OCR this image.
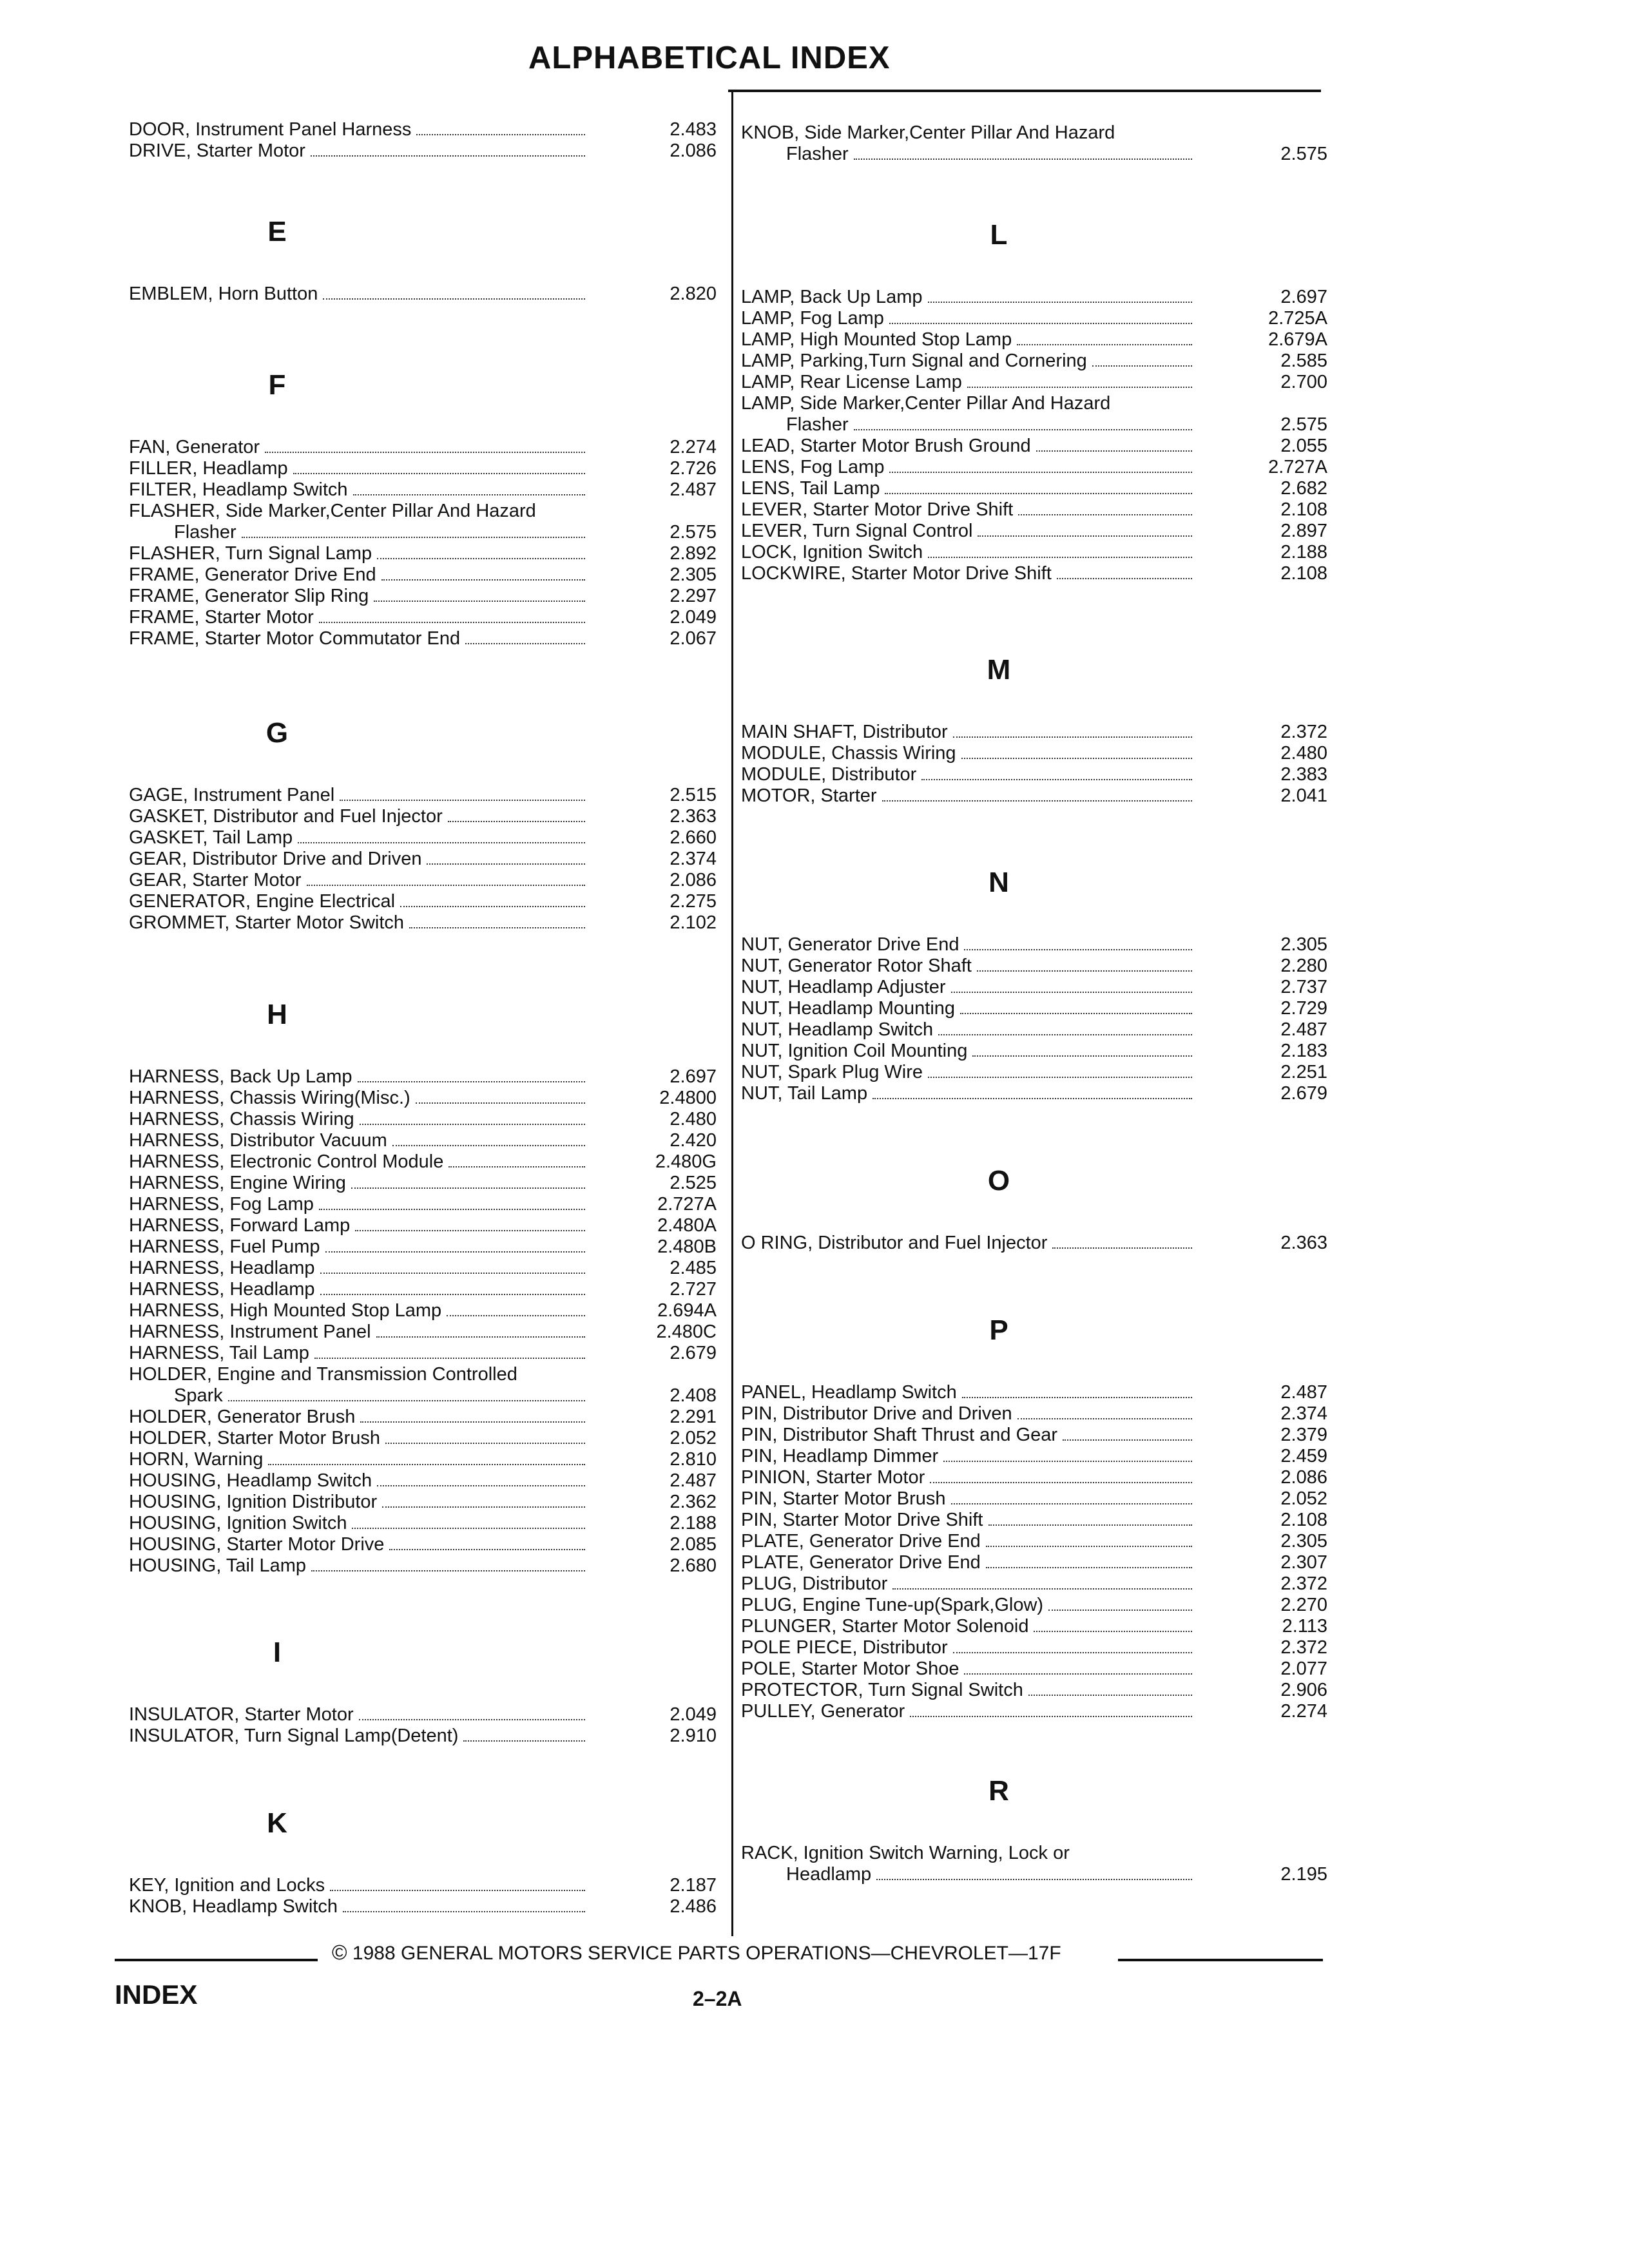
ALPHABETICAL INDEX
DOOR, Instrument Panel Harness	2.483
DRIVE, Starter Motor	2.086
E
EMBLEM, Horn Button	2.820
F
FAN, Generator	2.274
FILLER, Headlamp	2.726
FILTER, Headlamp Switch	2.487
FLASHER, Side Marker,Center Pillar And Hazard
Flasher	2.575
FLASHER, Turn Signal Lamp	2.892
FRAME, Generator Drive End	2.305
FRAME, Generator Slip Ring	2.297
FRAME, Starter Motor	2.049
FRAME, Starter Motor Commutator End	2.067
G
GAGE, Instrument Panel	2.515
GASKET, Distributor and Fuel Injector	2.363
GASKET, Tail Lamp	2.660
GEAR, Distributor Drive and Driven	2.374
GEAR, Starter Motor	2.086
GENERATOR, Engine Electrical	2.275
GROMMET, Starter Motor Switch	2.102
H
HARNESS, Back Up Lamp	2.697
HARNESS, Chassis Wiring(Misc.)	2.4800
HARNESS, Chassis Wiring	2.480
HARNESS, Distributor Vacuum	2.420
HARNESS, Electronic Control Module	2.480G
HARNESS, Engine Wiring	2.525
HARNESS, Fog Lamp	2.727A
HARNESS, Forward Lamp	2.480A
HARNESS, Fuel Pump	2.480B
HARNESS, Headlamp	2.485
HARNESS, Headlamp	2.727
HARNESS, High Mounted Stop Lamp	2.694A
HARNESS, Instrument Panel	2.480C
HARNESS, Tail Lamp	2.679
HOLDER, Engine and Transmission Controlled
Spark	2.408
HOLDER, Generator Brush	2.291
HOLDER, Starter Motor Brush	2.052
HORN, Warning	2.810
HOUSING, Headlamp Switch	2.487
HOUSING, Ignition Distributor	2.362
HOUSING, Ignition Switch	2.188
HOUSING, Starter Motor Drive	2.085
HOUSING, Tail Lamp	2.680
I
INSULATOR, Starter Motor	2.049
INSULATOR, Turn Signal Lamp(Detent)	2.910
K
KEY, Ignition and Locks	2.187
KNOB, Headlamp Switch	2.486
KNOB, Side Marker,Center Pillar And Hazard
Flasher	2.575
L
LAMP, Back Up Lamp	2.697
LAMP, Fog Lamp	2.725A
LAMP, High Mounted Stop Lamp	2.679A
LAMP, Parking,Turn Signal and Cornering	2.585
LAMP, Rear License Lamp	2.700
LAMP, Side Marker,Center Pillar And Hazard
Flasher	2.575
LEAD, Starter Motor Brush Ground	2.055
LENS, Fog Lamp	2.727A
LENS, Tail Lamp	2.682
LEVER, Starter Motor Drive Shift	2.108
LEVER, Turn Signal Control	2.897
LOCK, Ignition Switch	2.188
LOCKWIRE, Starter Motor Drive Shift	2.108
M
MAIN SHAFT, Distributor	2.372
MODULE, Chassis Wiring	2.480
MODULE, Distributor	2.383
MOTOR, Starter	2.041
N
NUT, Generator Drive End	2.305
NUT, Generator Rotor Shaft	2.280
NUT, Headlamp Adjuster	2.737
NUT, Headlamp Mounting	2.729
NUT, Headlamp Switch	2.487
NUT, Ignition Coil Mounting	2.183
NUT, Spark Plug Wire	2.251
NUT, Tail Lamp	2.679
O
O RING, Distributor and Fuel Injector	2.363
P
PANEL, Headlamp Switch	2.487
PIN, Distributor Drive and Driven	2.374
PIN, Distributor Shaft Thrust and Gear	2.379
PIN, Headlamp Dimmer	2.459
PINION, Starter Motor	2.086
PIN, Starter Motor Brush	2.052
PIN, Starter Motor Drive Shift	2.108
PLATE, Generator Drive End	2.305
PLATE, Generator Drive End	2.307
PLUG, Distributor	2.372
PLUG, Engine Tune-up(Spark,Glow)	2.270
PLUNGER, Starter Motor Solenoid	2.113
POLE PIECE, Distributor	2.372
POLE, Starter Motor Shoe	2.077
PROTECTOR, Turn Signal Switch	2.906
PULLEY, Generator	2.274
R
RACK, Ignition Switch Warning, Lock or
Headlamp	2.195
© 1988 GENERAL MOTORS SERVICE PARTS OPERATIONS—CHEVROLET—17F
INDEX	2–2A
